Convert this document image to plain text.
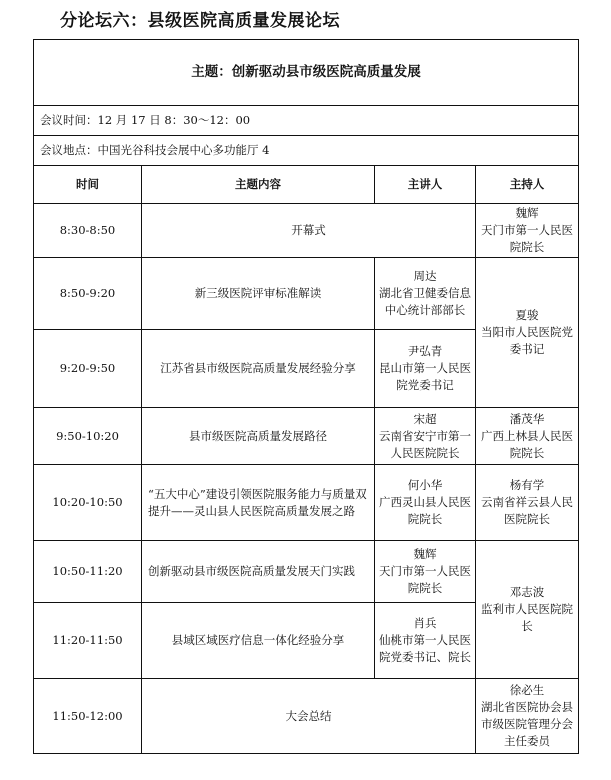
分论坛六：县级医院高质量发展论坛
主题：创新驱动县市级医院高质量发展			
会议时间：12 月 17 日 8：30～12：00			
会议地点：中国光谷科技会展中心多功能厅 4			
时间	主题内容	主讲人	主持人
8:30-8:50	开幕式		魏辉
天门市第一人民医院院长

8:50-9:20	新三级医院评审标准解读	周达
湖北省卫健委信息中心统计部部长	夏骏
当阳市人民医院党委书记

9:20-9:50	江苏省县市级医院高质量发展经验分享	尹弘青
昆山市第一人民医院党委书记	

9:50-10:20	县市级医院高质量发展路径	宋超
云南省安宁市第一人民医院院长	潘茂华
广西上林县人民医院院长

10:20-10:50	“五大中心”建设引领医院服务能力与质量双提升——灵山县人民医院高质量发展之路	何小华
广西灵山县人民医院院长	杨有学
云南省祥云县人民医院院长

10:50-11:20	创新驱动县市级医院高质量发展天门实践	魏辉
天门市第一人民医院院长	邓志波
监利市人民医院院长

11:20-11:50	县域区域医疗信息一体化经验分享	肖兵
仙桃市第一人民医院党委书记、院长	

11:50-12:00	大会总结		徐必生
湖北省医院协会县市级医院管理分会主任委员
